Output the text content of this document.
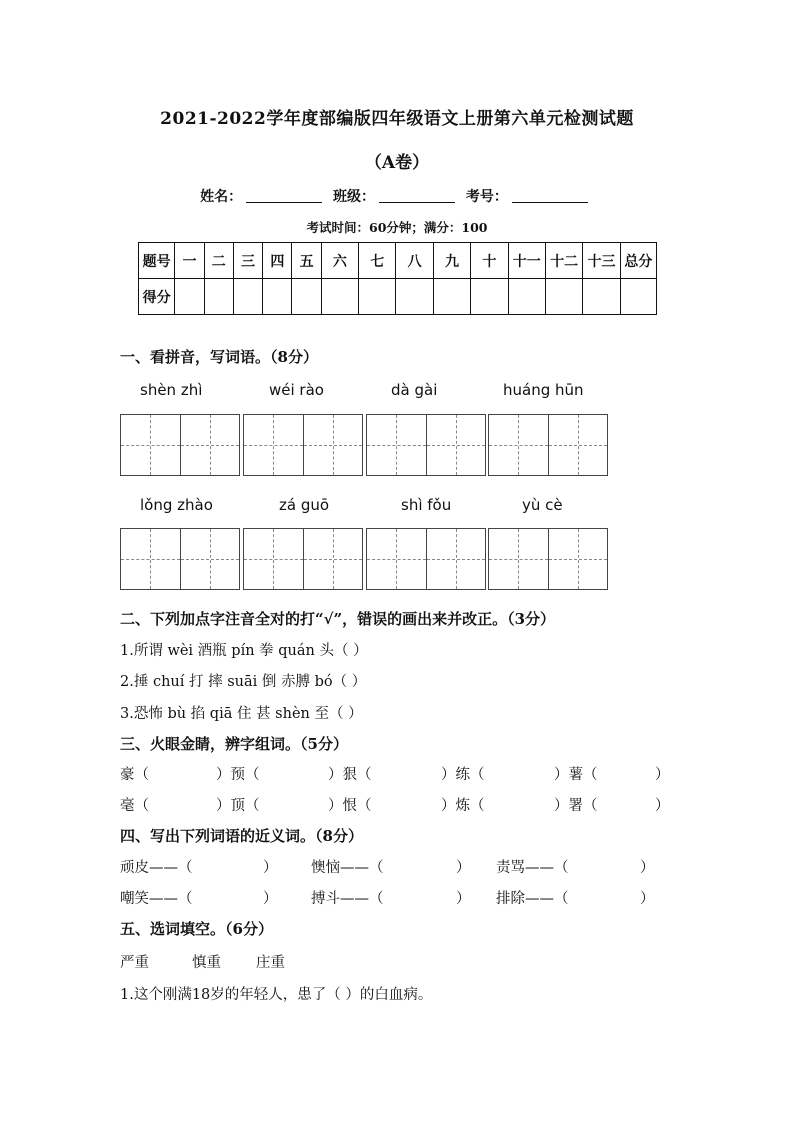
2021-2022学年度部编版四年级语文上册第六单元检测试题
（A卷）
姓名：	班级：	考号：
考试时间：60分钟；满分：100
题号	一	二	三	四	五	六	七	八	九	十	十一	十二	十三	总分
得分														
一、看拼音，写词语。（8分）
shèn zhì	wéi rào	dà gài	huáng hūn
lǒng zhào	zá guō	shì fǒu	yù cè
二、下列加点字注音全对的打“√”，错误的画出来并改正。（3分）
1.所谓 wèi 酒瓶 pín 拳 quán 头（ ）
2.捶 chuí 打 摔 suāi 倒 赤膊 bó（ ）
3.恐怖 bù 掐 qiā 住 甚 shèn 至（ ）
三、火眼金睛，辨字组词。（5分）
豪（	）预（	）狠（	）练（	）薯（	）
毫（	）顶（	）恨（	）炼（	）署（	）
四、写出下列词语的近义词。（8分）
顽皮——（	） 懊恼——（	） 责骂——（	）
嘲笑——（	） 搏斗——（	） 排除——（	）
五、选词填空。（6分）
严重	慎重 庄重
1.这个刚满18岁的年轻人，患了（ ）的白血病。
